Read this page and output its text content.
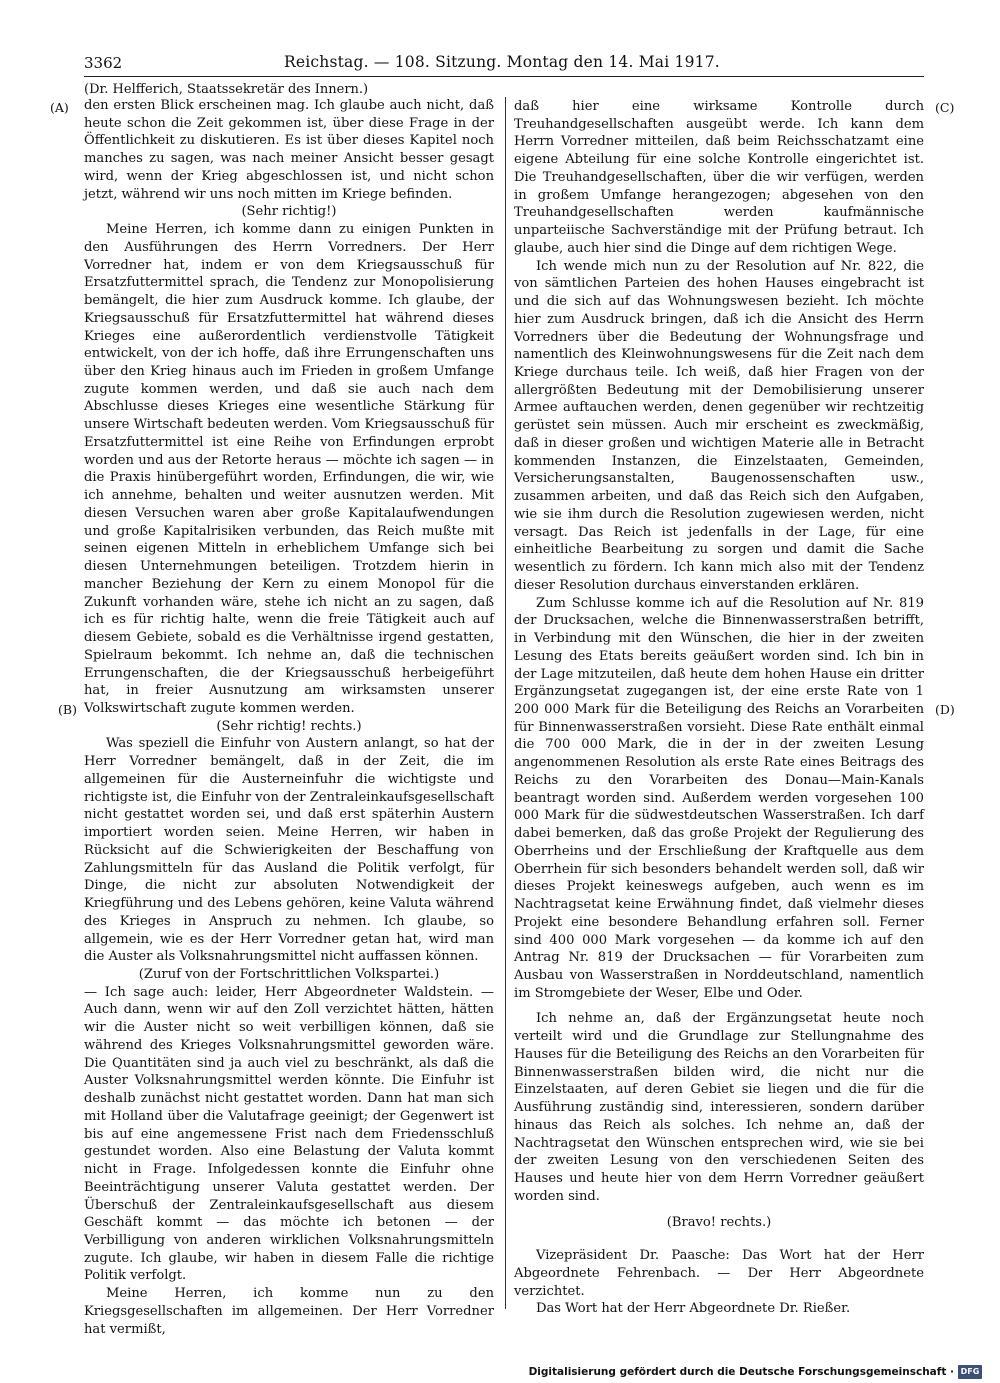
3362	Reichstag. — 108. Sitzung. Montag den 14. Mai 1917.
(Dr. Helfferich, Staatssekretär des Innern.)
(A)
(B)
(C)
(D)

den ersten Blick erscheinen mag. Ich glaube auch nicht, daß heute schon die Zeit gekommen ist, über diese Frage in der Öffentlichkeit zu diskutieren. Es ist über dieses Kapitel noch manches zu sagen, was nach meiner Ansicht besser gesagt wird, wenn der Krieg abgeschlossen ist, und nicht schon jetzt, während wir uns noch mitten im Kriege befinden.

(Sehr richtig!)

Meine Herren, ich komme dann zu einigen Punkten in den Ausführungen des Herrn Vorredners. Der Herr Vorredner hat, indem er von dem Kriegsausschuß für Ersatzfuttermittel sprach, die Tendenz zur Monopolisierung bemängelt, die hier zum Ausdruck komme. Ich glaube, der Kriegsausschuß für Ersatzfuttermittel hat während dieses Krieges eine außerordentlich verdienstvolle Tätigkeit entwickelt, von der ich hoffe, daß ihre Errungenschaften uns über den Krieg hinaus auch im Frieden in großem Umfange zugute kommen werden, und daß sie auch nach dem Abschlusse dieses Krieges eine wesentliche Stärkung für unsere Wirtschaft bedeuten werden. Vom Kriegsausschuß für Ersatzfuttermittel ist eine Reihe von Erfindungen erprobt worden und aus der Retorte heraus — möchte ich sagen — in die Praxis hinübergeführt worden, Erfindungen, die wir, wie ich annehme, behalten und weiter ausnutzen werden. Mit diesen Versuchen waren aber große Kapitalaufwendungen und große Kapitalrisiken verbunden, das Reich mußte mit seinen eigenen Mitteln in erheblichem Umfange sich bei diesen Unternehmungen beteiligen. Trotzdem hierin in mancher Beziehung der Kern zu einem Monopol für die Zukunft vorhanden wäre, stehe ich nicht an zu sagen, daß ich es für richtig halte, wenn die freie Tätigkeit auch auf diesem Gebiete, sobald es die Verhältnisse irgend gestatten, Spielraum bekommt. Ich nehme an, daß die technischen Errungenschaften, die der Kriegsausschuß herbeigeführt hat, in freier Ausnutzung am wirksamsten unserer Volkswirtschaft zugute kommen werden.

(Sehr richtig! rechts.)

Was speziell die Einfuhr von Austern anlangt, so hat der Herr Vorredner bemängelt, daß in der Zeit, die im allgemeinen für die Austerneinfuhr die wichtigste und richtigste ist, die Einfuhr von der Zentraleinkaufsgesellschaft nicht gestattet worden sei, und daß erst späterhin Austern importiert worden seien. Meine Herren, wir haben in Rücksicht auf die Schwierigkeiten der Beschaffung von Zahlungsmitteln für das Ausland die Politik verfolgt, für Dinge, die nicht zur absoluten Notwendigkeit der Kriegführung und des Lebens gehören, keine Valuta während des Krieges in Anspruch zu nehmen. Ich glaube, so allgemein, wie es der Herr Vorredner getan hat, wird man die Auster als Volksnahrungsmittel nicht auffassen können.

(Zuruf von der Fortschrittlichen Volkspartei.)

— Ich sage auch: leider, Herr Abgeordneter Waldstein. — Auch dann, wenn wir auf den Zoll verzichtet hätten, hätten wir die Auster nicht so weit verbilligen können, daß sie während des Krieges Volksnahrungsmittel geworden wäre. Die Quantitäten sind ja auch viel zu beschränkt, als daß die Auster Volksnahrungsmittel werden könnte. Die Einfuhr ist deshalb zunächst nicht gestattet worden. Dann hat man sich mit Holland über die Valutafrage geeinigt; der Gegenwert ist bis auf eine angemessene Frist nach dem Friedensschluß gestundet worden. Also eine Belastung der Valuta kommt nicht in Frage. Infolgedessen konnte die Einfuhr ohne Beeinträchtigung unserer Valuta gestattet werden. Der Überschuß der Zentraleinkaufsgesellschaft aus diesem Geschäft kommt — das möchte ich betonen — der Verbilligung von anderen wirklichen Volksnahrungsmitteln zugute. Ich glaube, wir haben in diesem Falle die richtige Politik verfolgt.

Meine Herren, ich komme nun zu den Kriegsgesellschaften im allgemeinen. Der Herr Vorredner hat vermißt,

daß hier eine wirksame Kontrolle durch Treuhandgesellschaften ausgeübt werde. Ich kann dem Herrn Vorredner mitteilen, daß beim Reichsschatzamt eine eigene Abteilung für eine solche Kontrolle eingerichtet ist. Die Treuhandgesellschaften, über die wir verfügen, werden in großem Umfange herangezogen; abgesehen von den Treuhandgesellschaften werden kaufmännische unparteiische Sachverständige mit der Prüfung betraut. Ich glaube, auch hier sind die Dinge auf dem richtigen Wege.

Ich wende mich nun zu der Resolution auf Nr. 822, die von sämtlichen Parteien des hohen Hauses eingebracht ist und die sich auf das Wohnungswesen bezieht. Ich möchte hier zum Ausdruck bringen, daß ich die Ansicht des Herrn Vorredners über die Bedeutung der Wohnungsfrage und namentlich des Kleinwohnungswesens für die Zeit nach dem Kriege durchaus teile. Ich weiß, daß hier Fragen von der allergrößten Bedeutung mit der Demobilisierung unserer Armee auftauchen werden, denen gegenüber wir rechtzeitig gerüstet sein müssen. Auch mir erscheint es zweckmäßig, daß in dieser großen und wichtigen Materie alle in Betracht kommenden Instanzen, die Einzelstaaten, Gemeinden, Versicherungsanstalten, Baugenossenschaften usw., zusammen arbeiten, und daß das Reich sich den Aufgaben, wie sie ihm durch die Resolution zugewiesen werden, nicht versagt. Das Reich ist jedenfalls in der Lage, für eine einheitliche Bearbeitung zu sorgen und damit die Sache wesentlich zu fördern. Ich kann mich also mit der Tendenz dieser Resolution durchaus einverstanden erklären.

Zum Schlusse komme ich auf die Resolution auf Nr. 819 der Drucksachen, welche die Binnenwasserstraßen betrifft, in Verbindung mit den Wünschen, die hier in der zweiten Lesung des Etats bereits geäußert worden sind. Ich bin in der Lage mitzuteilen, daß heute dem hohen Hause ein dritter Ergänzungsetat zugegangen ist, der eine erste Rate von 1 200 000 Mark für die Beteiligung des Reichs an Vorarbeiten für Binnenwasserstraßen vorsieht. Diese Rate enthält einmal die 700 000 Mark, die in der in der zweiten Lesung angenommenen Resolution als erste Rate eines Beitrags des Reichs zu den Vorarbeiten des Donau—Main-Kanals beantragt worden sind. Außerdem werden vorgesehen 100 000 Mark für die südwestdeutschen Wasserstraßen. Ich darf dabei bemerken, daß das große Projekt der Regulierung des Oberrheins und der Erschließung der Kraftquelle aus dem Oberrhein für sich besonders behandelt werden soll, daß wir dieses Projekt keineswegs aufgeben, auch wenn es im Nachtragsetat keine Erwähnung findet, daß vielmehr dieses Projekt eine besondere Behandlung erfahren soll. Ferner sind 400 000 Mark vorgesehen — da komme ich auf den Antrag Nr. 819 der Drucksachen — für Vorarbeiten zum Ausbau von Wasserstraßen in Norddeutschland, namentlich im Stromgebiete der Weser, Elbe und Oder.

Ich nehme an, daß der Ergänzungsetat heute noch verteilt wird und die Grundlage zur Stellungnahme des Hauses für die Beteiligung des Reichs an den Vorarbeiten für Binnenwasserstraßen bilden wird, die nicht nur die Einzelstaaten, auf deren Gebiet sie liegen und die für die Ausführung zuständig sind, interessieren, sondern darüber hinaus das Reich als solches. Ich nehme an, daß der Nachtragsetat den Wünschen entsprechen wird, wie sie bei der zweiten Lesung von den verschiedenen Seiten des Hauses und heute hier von dem Herrn Vorredner geäußert worden sind.

(Bravo! rechts.)

Vizepräsident Dr. Paasche: Das Wort hat der Herr Abgeordnete Fehrenbach. — Der Herr Abgeordnete verzichtet.

Das Wort hat der Herr Abgeordnete Dr. Rießer.

Digitalisierung gefördert durch die Deutsche Forschungsgemeinschaft · DFG
